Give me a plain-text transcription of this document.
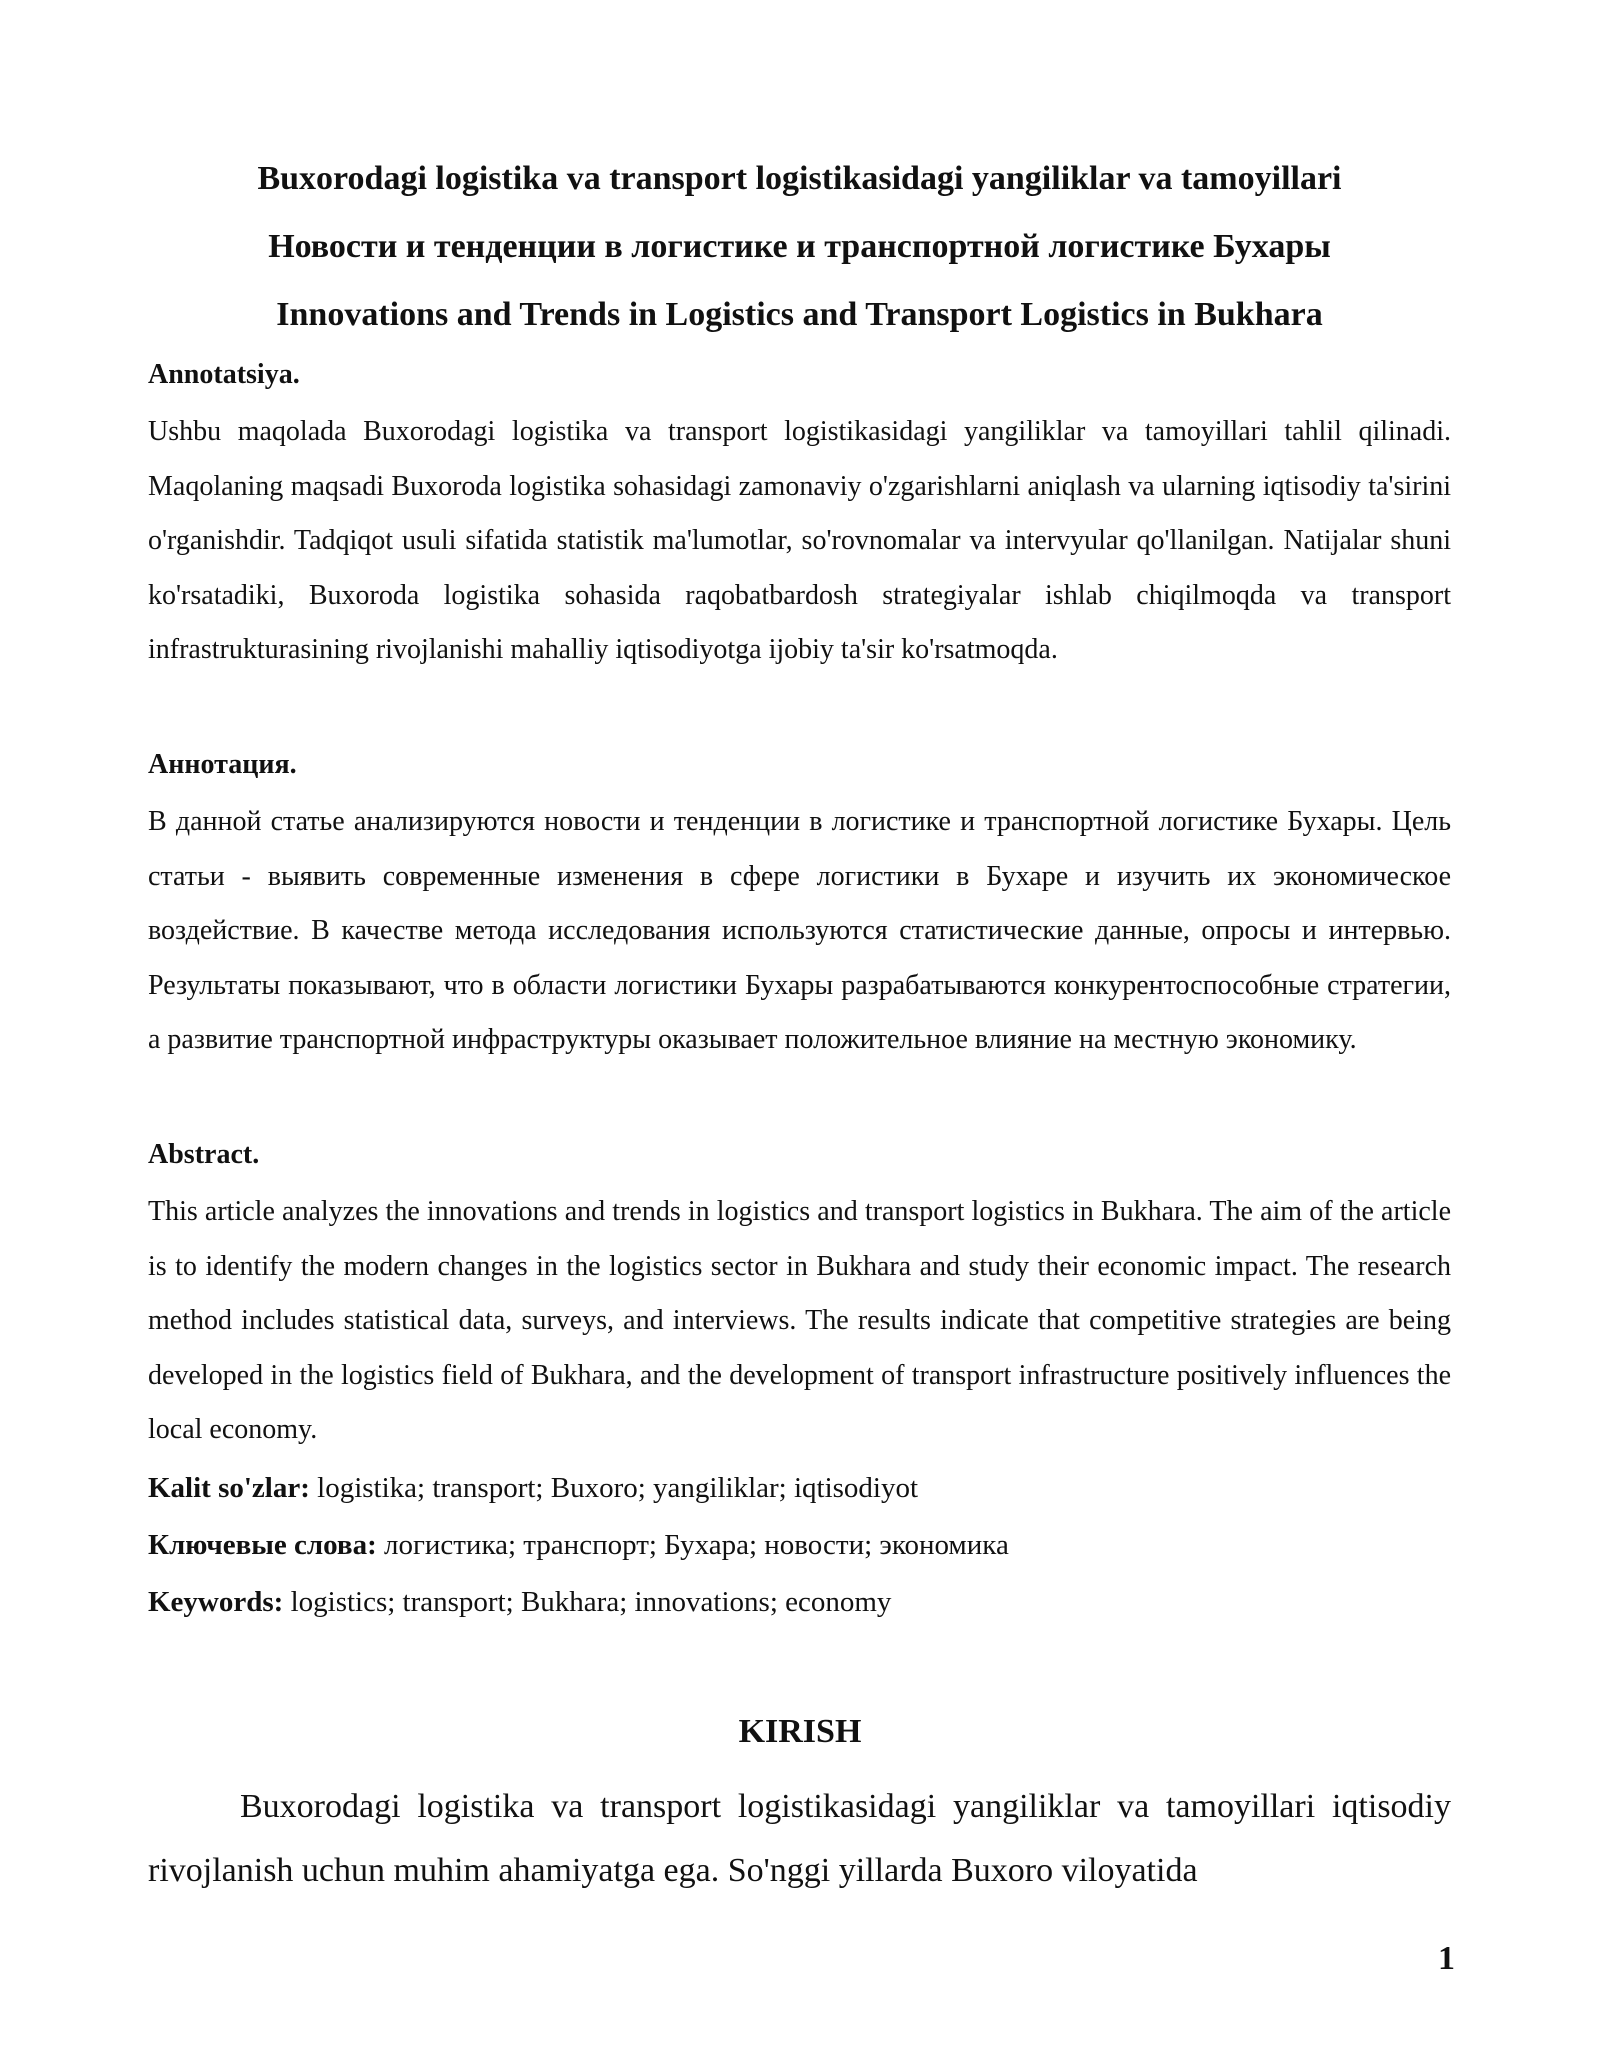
Buxorodagi logistika va transport logistikasidagi yangiliklar va tamoyillari
Новости и тенденции в логистике и транспортной логистике Бухары
Innovations and Trends in Logistics and Transport Logistics in Bukhara
Annotatsiya.

Ushbu maqolada Buxorodagi logistika va transport logistikasidagi yangiliklar va tamoyillari tahlil qilinadi. Maqolaning maqsadi Buxoroda logistika sohasidagi zamonaviy o'zgarishlarni aniqlash va ularning iqtisodiy ta'sirini o'rganishdir. Tadqiqot usuli sifatida statistik ma'lumotlar, so'rovnomalar va intervyular qo'llanilgan. Natijalar shuni ko'rsatadiki, Buxoroda logistika sohasida raqobatbardosh strategiyalar ishlab chiqilmoqda va transport infrastrukturasining rivojlanishi mahalliy iqtisodiyotga ijobiy ta'sir ko'rsatmoqda.

Аннотация.

В данной статье анализируются новости и тенденции в логистике и транспортной логистике Бухары. Цель статьи - выявить современные изменения в сфере логистики в Бухаре и изучить их экономическое воздействие. В качестве метода исследования используются статистические данные, опросы и интервью. Результаты показывают, что в области логистики Бухары разрабатываются конкурентоспособные стратегии, а развитие транспортной инфраструктуры оказывает положительное влияние на местную экономику.

Abstract.

This article analyzes the innovations and trends in logistics and transport logistics in Bukhara. The aim of the article is to identify the modern changes in the logistics sector in Bukhara and study their economic impact. The research method includes statistical data, surveys, and interviews. The results indicate that competitive strategies are being developed in the logistics field of Bukhara, and the development of transport infrastructure positively influences the local economy.

Kalit so'zlar: logistika; transport; Buxoro; yangiliklar; iqtisodiyot
Ключевые слова: логистика; транспорт; Бухара; новости; экономика
Keywords: logistics; transport; Bukhara; innovations; economy
KIRISH

Buxorodagi logistika va transport logistikasidagi yangiliklar va tamoyillari iqtisodiy rivojlanish uchun muhim ahamiyatga ega. So'nggi yillarda Buxoro viloyatida

1
